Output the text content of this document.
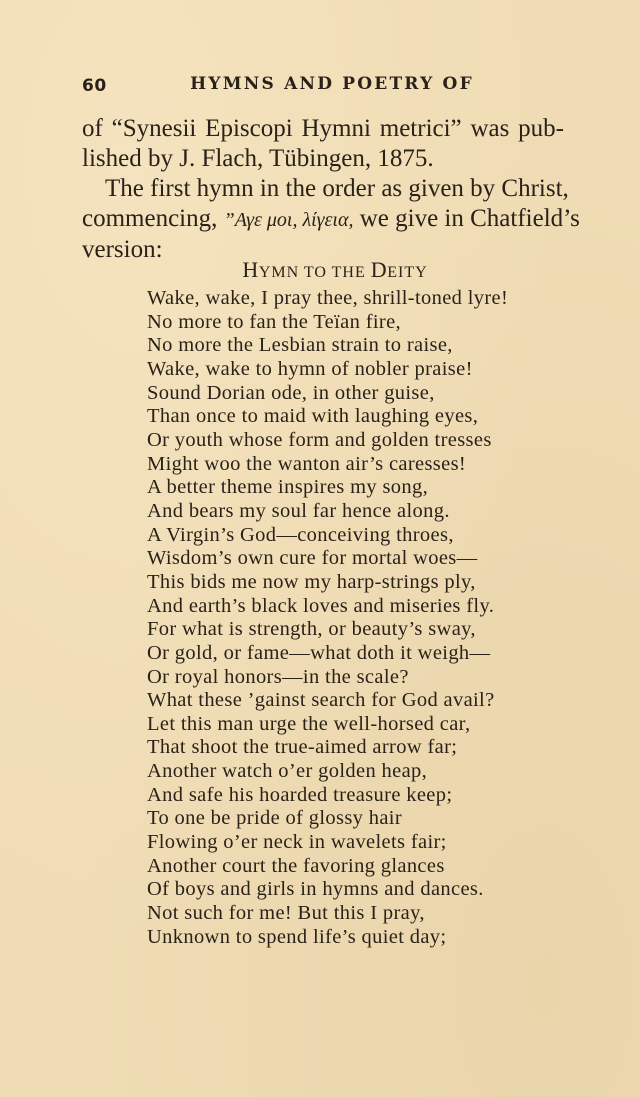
60	HYMNS AND POETRY OF

of “Synesii Episcopi Hymni metrici” was pub-
lished by J. Flach, Tübingen, 1875.

The first hymn in the order as given by Christ,
commencing, ”Αγε μοι, λίγεια, we give in Chatfield’s
version:

HYMN TO THE DEITY
Wake, wake, I pray thee, shrill-toned lyre!
No more to fan the Teïan fire,
No more the Lesbian strain to raise,
Wake, wake to hymn of nobler praise!
Sound Dorian ode, in other guise,
Than once to maid with laughing eyes,
Or youth whose form and golden tresses
Might woo the wanton air’s caresses!
A better theme inspires my song,
And bears my soul far hence along.
A Virgin’s God—conceiving throes,
Wisdom’s own cure for mortal woes—
This bids me now my harp-strings ply,
And earth’s black loves and miseries fly.
For what is strength, or beauty’s sway,
Or gold, or fame—what doth it weigh—
Or royal honors—in the scale?
What these ’gainst search for God avail?
Let this man urge the well-horsed car,
That shoot the true-aimed arrow far;
Another watch o’er golden heap,
And safe his hoarded treasure keep;
To one be pride of glossy hair
Flowing o’er neck in wavelets fair;
Another court the favoring glances
Of boys and girls in hymns and dances.
Not such for me! But this I pray,
Unknown to spend life’s quiet day;
